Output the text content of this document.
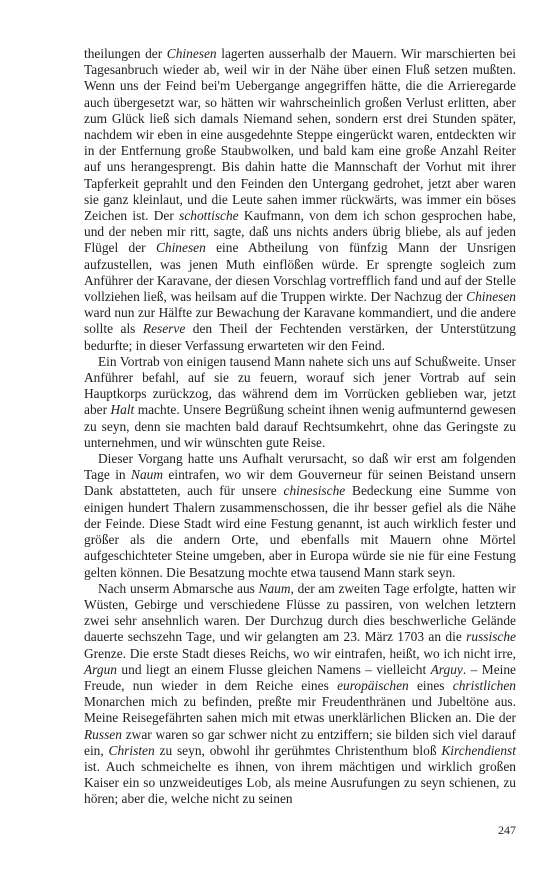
theilungen der Chinesen lagerten ausserhalb der Mauern. Wir marschierten bei Tagesanbruch wieder ab, weil wir in der Nähe über einen Fluß setzen mußten. Wenn uns der Feind bei'm Uebergange angegriffen hätte, die die Arrieregarde auch übergesetzt war, so hätten wir wahrscheinlich großen Verlust erlitten, aber zum Glück ließ sich damals Niemand sehen, sondern erst drei Stunden später, nachdem wir eben in eine ausgedehnte Steppe eingerückt waren, entdeckten wir in der Entfernung große Staubwolken, und bald kam eine große Anzahl Reiter auf uns herangesprengt. Bis dahin hatte die Mannschaft der Vorhut mit ihrer Tapferkeit geprahlt und den Feinden den Untergang gedrohet, jetzt aber waren sie ganz kleinlaut, und die Leute sahen immer rückwärts, was immer ein böses Zeichen ist. Der schottische Kaufmann, von dem ich schon gesprochen habe, und der neben mir ritt, sagte, daß uns nichts anders übrig bliebe, als auf jeden Flügel der Chinesen eine Abtheilung von fünfzig Mann der Unsrigen aufzustellen, was jenen Muth einflößen würde. Er sprengte sogleich zum Anführer der Karavane, der diesen Vorschlag vortrefflich fand und auf der Stelle vollziehen ließ, was heilsam auf die Truppen wirkte. Der Nachzug der Chinesen ward nun zur Hälfte zur Bewachung der Karavane kommandiert, und die andere sollte als Reserve den Theil der Fechtenden verstärken, der Unterstützung bedurfte; in dieser Verfassung erwarteten wir den Feind.

Ein Vortrab von einigen tausend Mann nahete sich uns auf Schußweite. Unser Anführer befahl, auf sie zu feuern, worauf sich jener Vortrab auf sein Hauptkorps zurückzog, das während dem im Vorrücken geblieben war, jetzt aber Halt machte. Unsere Begrüßung scheint ihnen wenig aufmunternd gewesen zu seyn, denn sie machten bald darauf Rechtsumkehrt, ohne das Geringste zu unternehmen, und wir wünschten gute Reise.

Dieser Vorgang hatte uns Aufhalt verursacht, so daß wir erst am folgenden Tage in Naum eintrafen, wo wir dem Gouverneur für seinen Beistand unsern Dank abstatteten, auch für unsere chinesische Bedeckung eine Summe von einigen hundert Thalern zusammenschossen, die ihr besser gefiel als die Nähe der Feinde. Diese Stadt wird eine Festung genannt, ist auch wirklich fester und größer als die andern Orte, und ebenfalls mit Mauern ohne Mörtel aufgeschichteter Steine umgeben, aber in Europa würde sie nie für eine Festung gelten können. Die Besatzung mochte etwa tausend Mann stark seyn.

Nach unserm Abmarsche aus Naum, der am zweiten Tage erfolgte, hatten wir Wüsten, Gebirge und verschiedene Flüsse zu passiren, von welchen letztern zwei sehr ansehnlich waren. Der Durchzug durch dies beschwerliche Gelände dauerte sechszehn Tage, und wir gelangten am 23. März 1703 an die russische Grenze. Die erste Stadt dieses Reichs, wo wir eintrafen, heißt, wo ich nicht irre, Argun und liegt an einem Flusse gleichen Namens – vielleicht Arguy. – Meine Freude, nun wieder in dem Reiche eines europäischen eines christlichen Monarchen mich zu befinden, preßte mir Freudenthränen und Jubeltöne aus. Meine Reisegefährten sahen mich mit etwas unerklärlichen Blicken an. Die der Russen zwar waren so gar schwer nicht zu entziffern; sie bilden sich viel darauf ein, Christen zu seyn, obwohl ihr gerühmtes Christenthum bloß Kirchendienst ist. Auch schmeichelte es ihnen, von ihrem mächtigen und wirklich großen Kaiser ein so unzweideutiges Lob, als meine Ausrufungen zu seyn schienen, zu hören; aber die, welche nicht zu seinen

247
